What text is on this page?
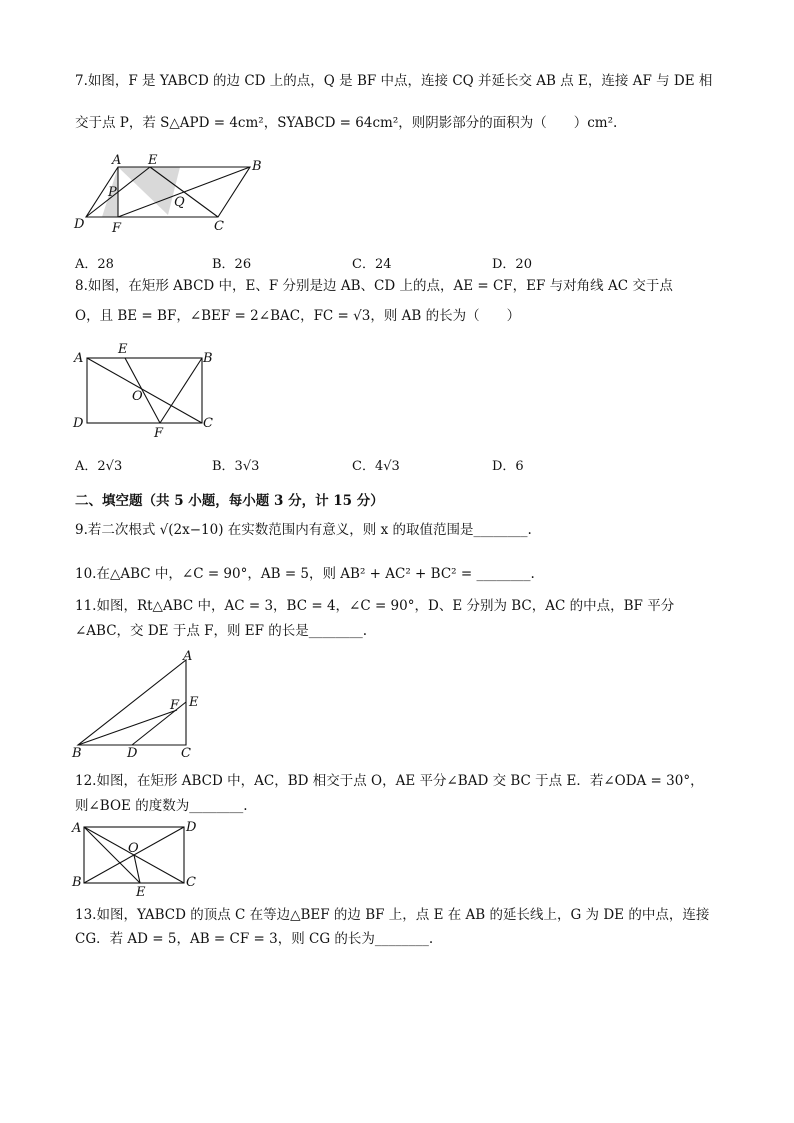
7.如图，F 是 YABCD 的边 CD 上的点，Q 是 BF 中点，连接 CQ 并延长交 AB 点 E，连接 AF 与 DE 相
交于点 P，若 S△APD = 4cm²，SYABCD = 64cm²，则阴影部分的面积为（　　）cm².
A E	B
P
Q
D F	C
A．28	B．26	C．24	D．20
8.如图，在矩形 ABCD 中，E、F 分别是边 AB、CD 上的点，AE = CF，EF 与对角线 AC 交于点
O，且 BE = BF，∠BEF = 2∠BAC，FC = √3，则 AB 的长为（　　）
A
E
B
O
D
F
C
A．2√3	B．3√3	C．4√3	D．6
二、填空题（共 5 小题，每小题 3 分，计 15 分）
9.若二次根式 √(2x−10) 在实数范围内有意义，则 x 的取值范围是________.
10.在△ABC 中，∠C = 90°，AB = 5，则 AB² + AC² + BC² = ________.
11.如图，Rt△ABC 中，AC = 3，BC = 4，∠C = 90°，D、E 分别为 BC，AC 的中点，BF 平分
∠ABC，交 DE 于点 F，则 EF 的长是________.
A
F E
B	D	C
12.如图，在矩形 ABCD 中，AC，BD 相交于点 O，AE 平分∠BAD 交 BC 于点 E．若∠ODA = 30°，
则∠BOE 的度数为________.
A	D
O
B
E
C
13.如图，YABCD 的顶点 C 在等边△BEF 的边 BF 上，点 E 在 AB 的延长线上，G 为 DE 的中点，连接
CG．若 AD = 5，AB = CF = 3，则 CG 的长为________.
